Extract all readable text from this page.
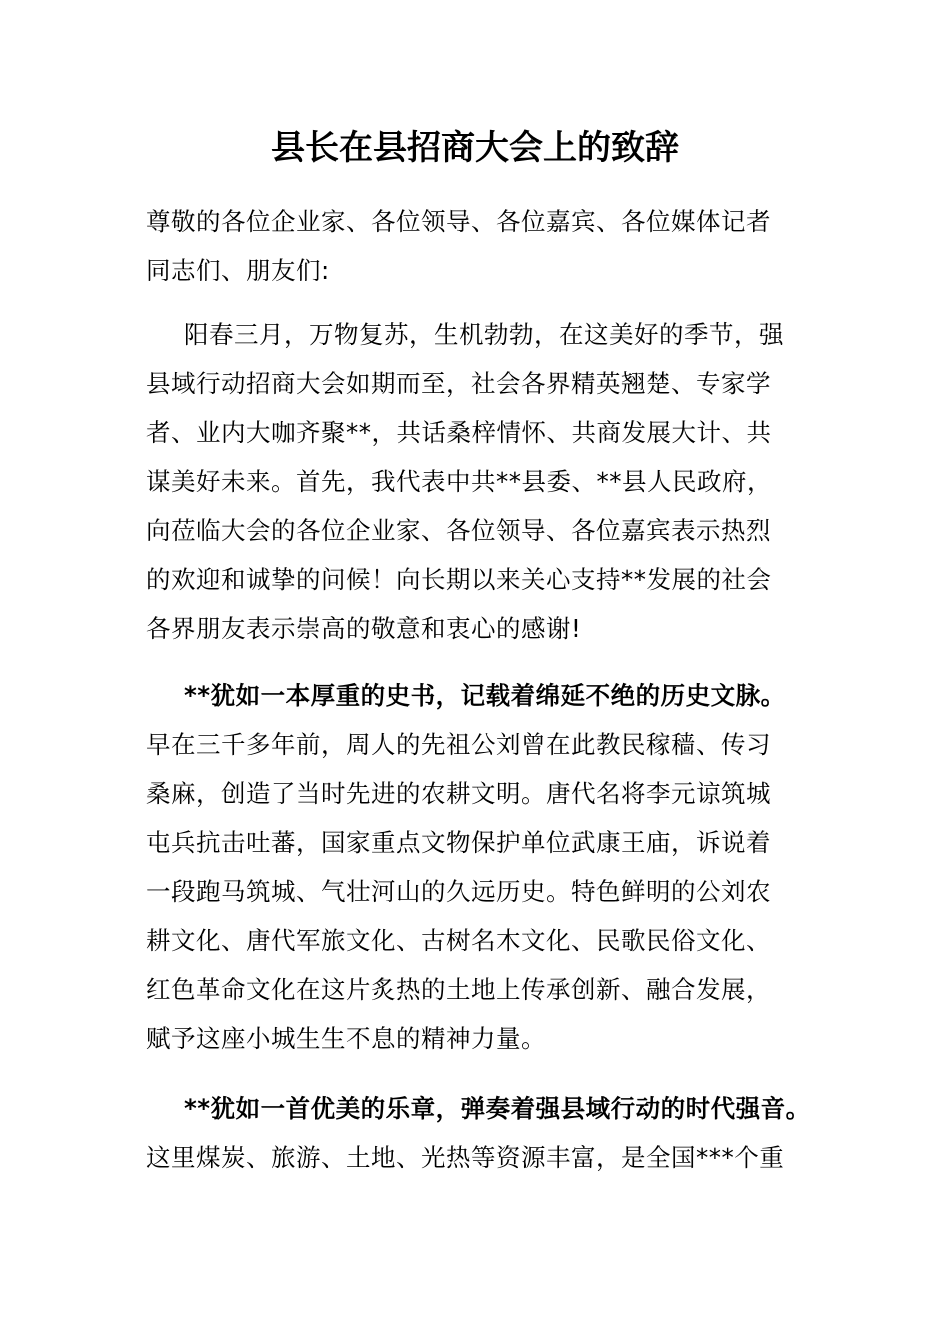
县长在县招商大会上的致辞
尊敬的各位企业家、各位领导、各位嘉宾、各位媒体记者
同志们、朋友们:
阳春三月，万物复苏，生机勃勃，在这美好的季节，强
县域行动招商大会如期而至，社会各界精英翘楚、专家学
者、业内大咖齐聚**，共话桑梓情怀、共商发展大计、共
谋美好未来。首先，我代表中共**县委、**县人民政府，
向莅临大会的各位企业家、各位领导、各位嘉宾表示热烈
的欢迎和诚挚的问候！向长期以来关心支持**发展的社会
各界朋友表示崇高的敬意和衷心的感谢!
**犹如一本厚重的史书，记载着绵延不绝的历史文脉。
早在三千多年前，周人的先祖公刘曾在此教民稼穑、传习
桑麻，创造了当时先进的农耕文明。唐代名将李元谅筑城
屯兵抗击吐蕃，国家重点文物保护单位武康王庙，诉说着
一段跑马筑城、气壮河山的久远历史。特色鲜明的公刘农
耕文化、唐代军旅文化、古树名木文化、民歌民俗文化、
红色革命文化在这片炙热的土地上传承创新、融合发展，
赋予这座小城生生不息的精神力量。
**犹如一首优美的乐章，弹奏着强县域行动的时代强音。
这里煤炭、旅游、土地、光热等资源丰富，是全国***个重
